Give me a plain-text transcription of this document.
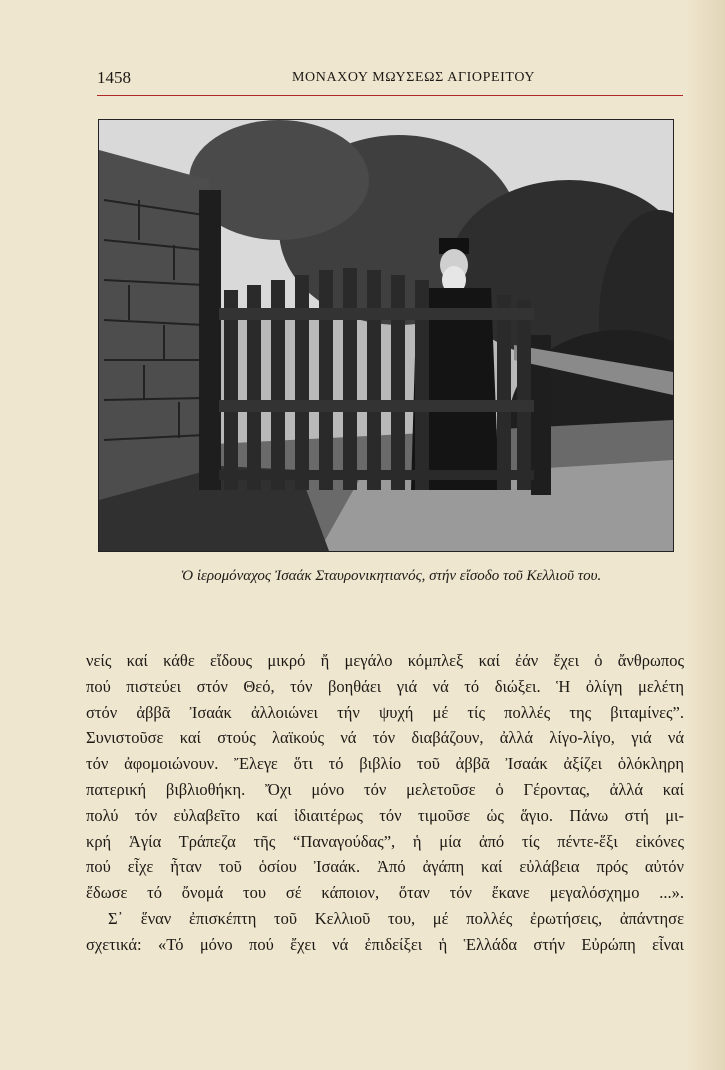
1458	ΜΟΝΑΧΟΥ ΜΩΥΣΕΩΣ ΑΓΙΟΡΕΙΤΟΥ
Ὁ ἱερομόναχος Ἰσαάκ Σταυρονικητιανός, στήν εἴσοδο τοῦ Κελλιοῦ του.
νείς καί κάθε εἴδους μικρό ἤ μεγάλο κόμπλεξ καί ἐάν ἔχει ὁ ἄνθρωπος
πού πιστεύει στόν Θεό, τόν βοηθάει γιά νά τό διώξει. Ἡ ὀλίγη μελέτη
στόν ἀββᾶ Ἰσαάκ ἀλλοιώνει τήν ψυχή μέ τίς πολλές της βιταμίνες”.
Συνιστοῦσε καί στούς λαϊκούς νά τόν διαβάζουν, ἀλλά λίγο-λίγο, γιά νά
τόν ἀφομοιώνουν. Ἔλεγε ὅτι τό βιβλίο τοῦ ἀββᾶ Ἰσαάκ ἀξίζει ὁλόκληρη
πατερική βιβλιοθήκη. Ὄχι μόνο τόν μελετοῦσε ὁ Γέροντας, ἀλλά καί
πολύ τόν εὐλαβεῖτο καί ἰδιαιτέρως τόν τιμοῦσε ὡς ἅγιο. Πάνω στή μι-
κρή Ἁγία Τράπεζα τῆς “Παναγούδας”, ἡ μία ἀπό τίς πέντε-ἕξι εἰκόνες
πού εἶχε ἦταν τοῦ ὁσίου Ἰσαάκ. Ἀπό ἀγάπη καί εὐλάβεια πρός αὐτόν
ἔδωσε τό ὄνομά του σέ κάποιον, ὅταν τόν ἔκανε μεγαλόσχημο ...».
Σ᾽ ἕναν ἐπισκέπτη τοῦ Κελλιοῦ του, μέ πολλές ἐρωτήσεις, ἀπάντησε
σχετικά: «Τό μόνο πού ἔχει νά ἐπιδείξει ἡ Ἑλλάδα στήν Εὐρώπη εἶναι
